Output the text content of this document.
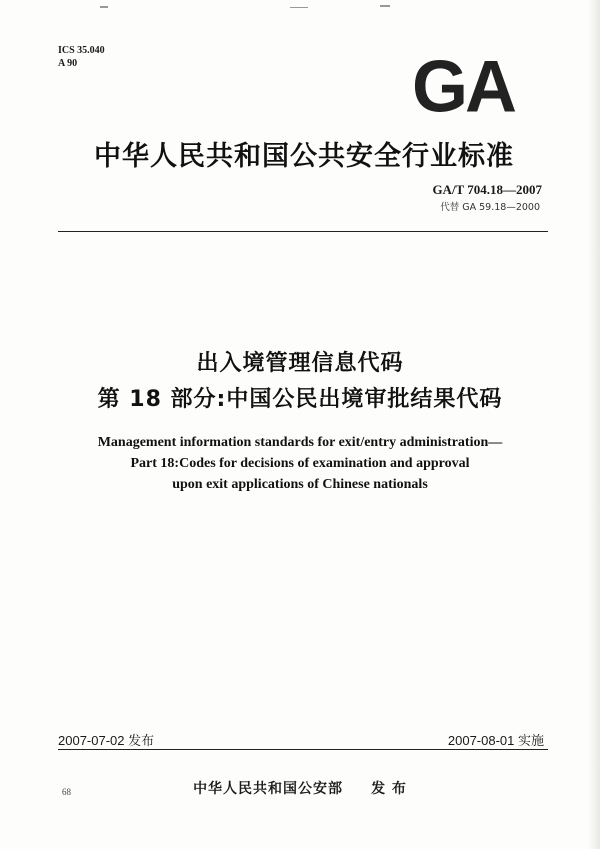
ICS 35.040
A 90	GA
中华人民共和国公共安全行业标准
GA/T 704.18—2007
代替 GA 59.18—2000
出入境管理信息代码
第 18 部分:中国公民出境审批结果代码
Management information standards for exit/entry administration—
Part 18:Codes for decisions of examination and approval
upon exit applications of Chinese nationals
2007-07-02 发布	2007-08-01 实施
68	中华人民共和国公安部 发 布
